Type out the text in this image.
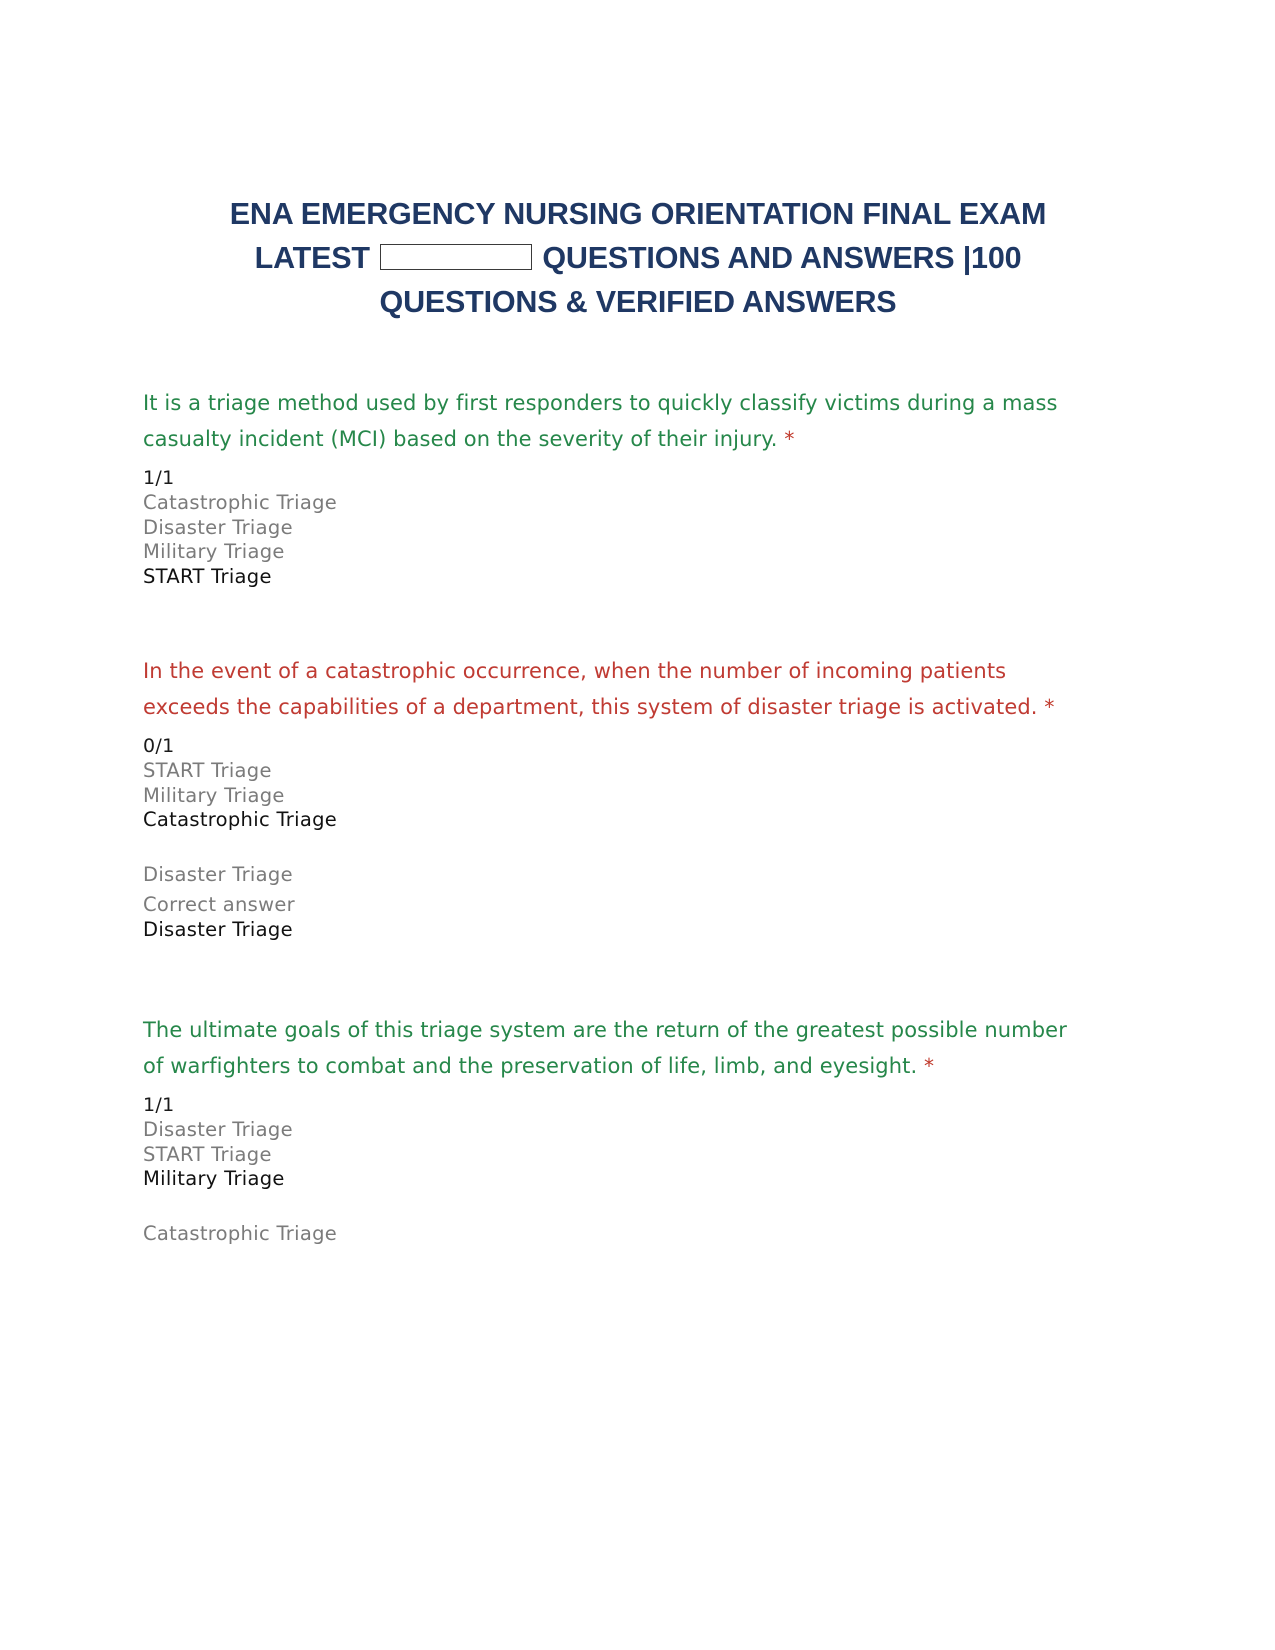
ENA EMERGENCY NURSING ORIENTATION FINAL EXAM
LATEST	QUESTIONS AND ANSWERS |100
QUESTIONS & VERIFIED ANSWERS

It is a triage method used by first responders to quickly classify victims during a mass casualty incident (MCI) based on the severity of their injury. *

1/1
Catastrophic Triage
Disaster Triage
Military Triage
START Triage

In the event of a catastrophic occurrence, when the number of incoming patients exceeds the capabilities of a department, this system of disaster triage is activated. *

0/1
START Triage
Military Triage
Catastrophic Triage
Disaster Triage
Correct answer
Disaster Triage

The ultimate goals of this triage system are the return of the greatest possible number of warfighters to combat and the preservation of life, limb, and eyesight. *

1/1
Disaster Triage
START Triage
Military Triage
Catastrophic Triage
